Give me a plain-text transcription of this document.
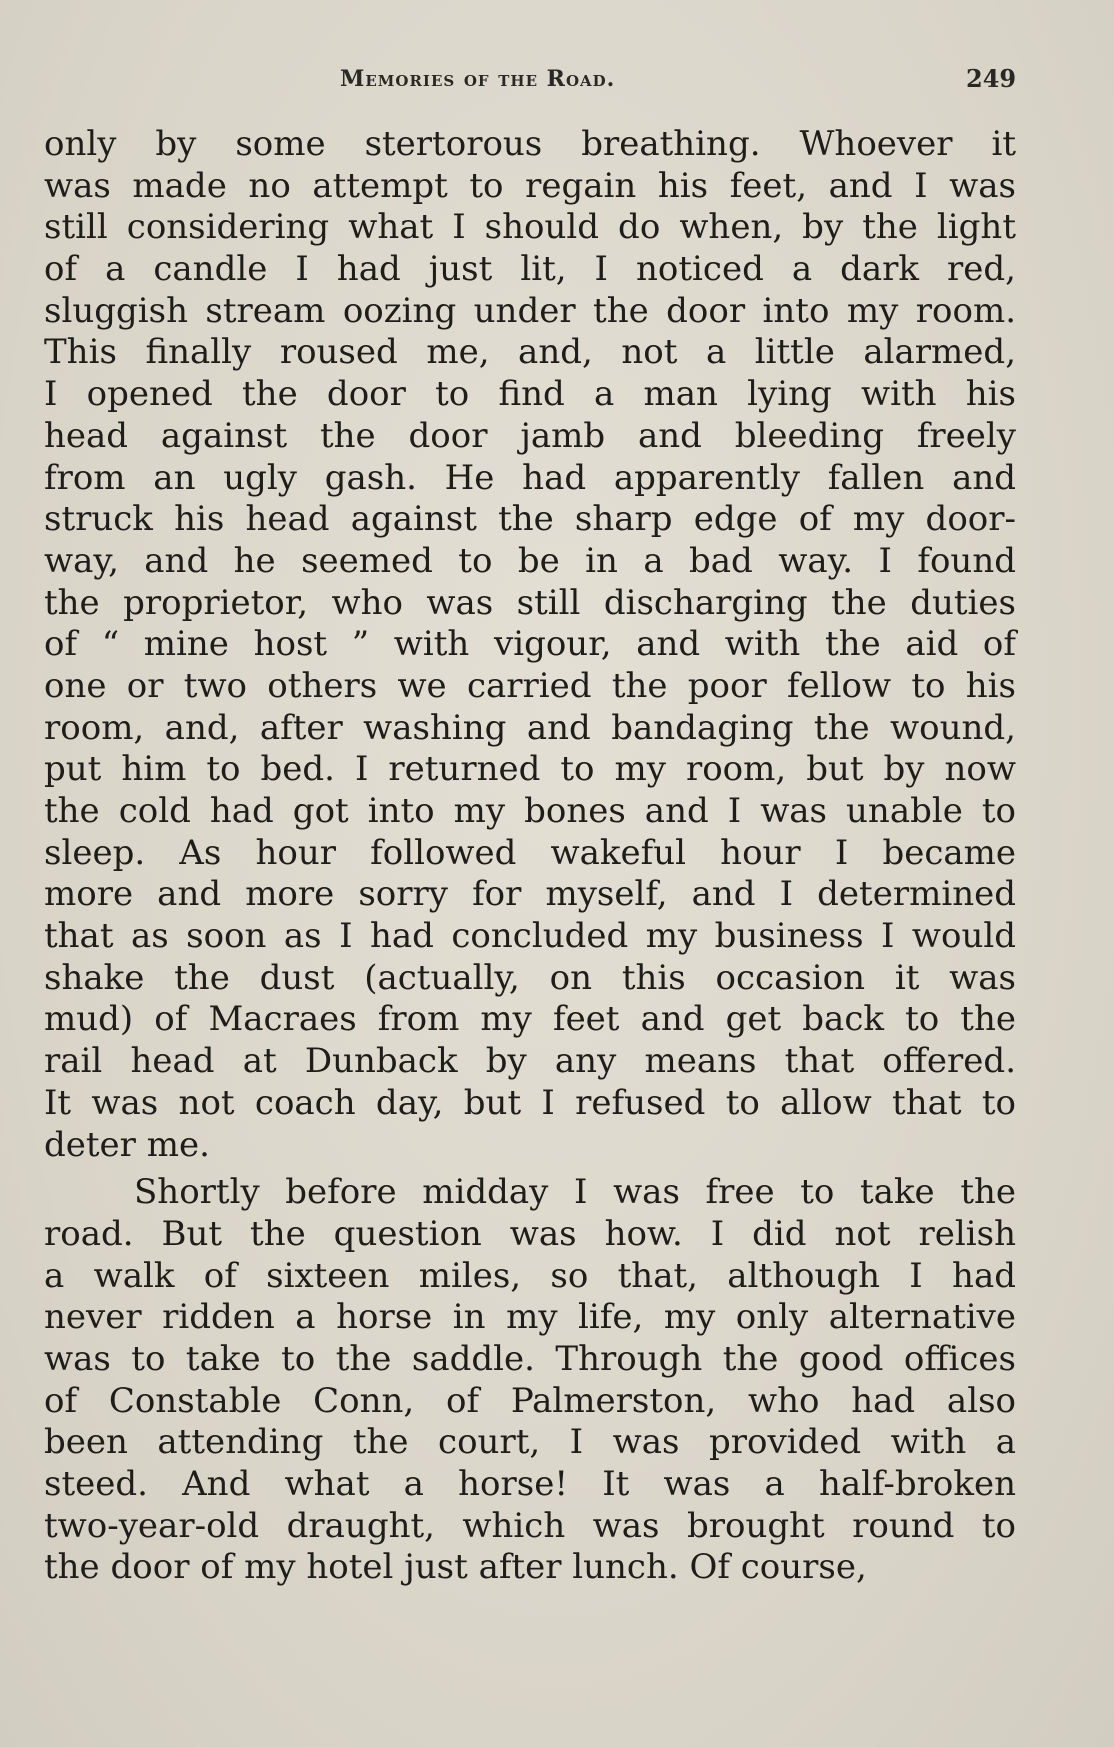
Memories of the Road.	249
only by some stertorous breathing. Whoever it
was made no attempt to regain his feet, and I was
still considering what I should do when, by the light
of a candle I had just lit, I noticed a dark red,
sluggish stream oozing under the door into my room.
This finally roused me, and, not a little alarmed,
I opened the door to find a man lying with his
head against the door jamb and bleeding freely
from an ugly gash. He had apparently fallen and
struck his head against the sharp edge of my door-
way, and he seemed to be in a bad way. I found
the proprietor, who was still discharging the duties
of “ mine host ” with vigour, and with the aid of
one or two others we carried the poor fellow to his
room, and, after washing and bandaging the wound,
put him to bed. I returned to my room, but by now
the cold had got into my bones and I was unable to
sleep. As hour followed wakeful hour I became
more and more sorry for myself, and I determined
that as soon as I had concluded my business I would
shake the dust (actually, on this occasion it was
mud) of Macraes from my feet and get back to the
rail head at Dunback by any means that offered.
It was not coach day, but I refused to allow that to
deter me.
Shortly before midday I was free to take the
road. But the question was how. I did not relish
a walk of sixteen miles, so that, although I had
never ridden a horse in my life, my only alternative
was to take to the saddle. Through the good offices
of Constable Conn, of Palmerston, who had also
been attending the court, I was provided with a
steed. And what a horse! It was a half-broken
two-year-old draught, which was brought round to
the door of my hotel just after lunch. Of course,
